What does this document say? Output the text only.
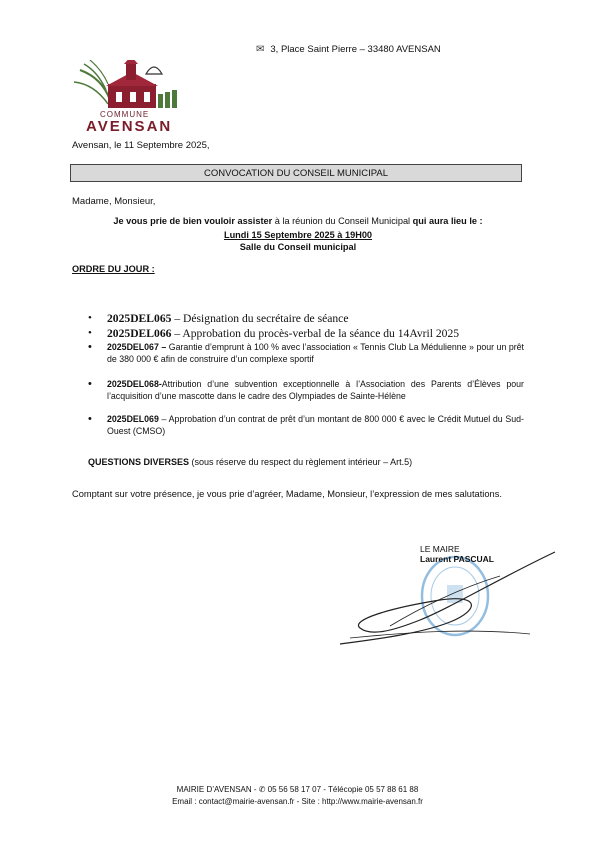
✉ 3, Place Saint Pierre – 33480 AVENSAN
COMMUNE
AVENSAN
Avensan, le 11 Septembre 2025,
CONVOCATION DU CONSEIL MUNICIPAL
Madame, Monsieur,
Je vous prie de bien vouloir assister à la réunion du Conseil Municipal qui aura lieu le :
Lundi 15 Septembre 2025 à 19H00
Salle du Conseil municipal
ORDRE DU JOUR :
• 2025DEL065 – Désignation du secrétaire de séance
• 2025DEL066 – Approbation du procès-verbal de la séance du 14Avril 2025
• 2025DEL067 – Garantie d’emprunt à 100 % avec l’association « Tennis Club La Médulienne » pour un prêt de 380 000 € afin de construire d’un complexe sportif
• 2025DEL068-Attribution d’une subvention exceptionnelle à l’Association des Parents d’Élèves pour l’acquisition d’une mascotte dans le cadre des Olympiades de Sainte-Hélène
• 2025DEL069 – Approbation d’un contrat de prêt d’un montant de 800 000 € avec le Crédit Mutuel du Sud-Ouest (CMSO)
QUESTIONS DIVERSES (sous réserve du respect du règlement intérieur – Art.5)
Comptant sur votre présence, je vous prie d’agréer, Madame, Monsieur, l’expression de mes salutations.
LE MAIRE
Laurent PASCUAL
MAIRIE D’AVENSAN - ✆ 05 56 58 17 07 - Télécopie 05 57 88 61 88
Email : contact@mairie-avensan.fr - Site : http://www.mairie-avensan.fr
